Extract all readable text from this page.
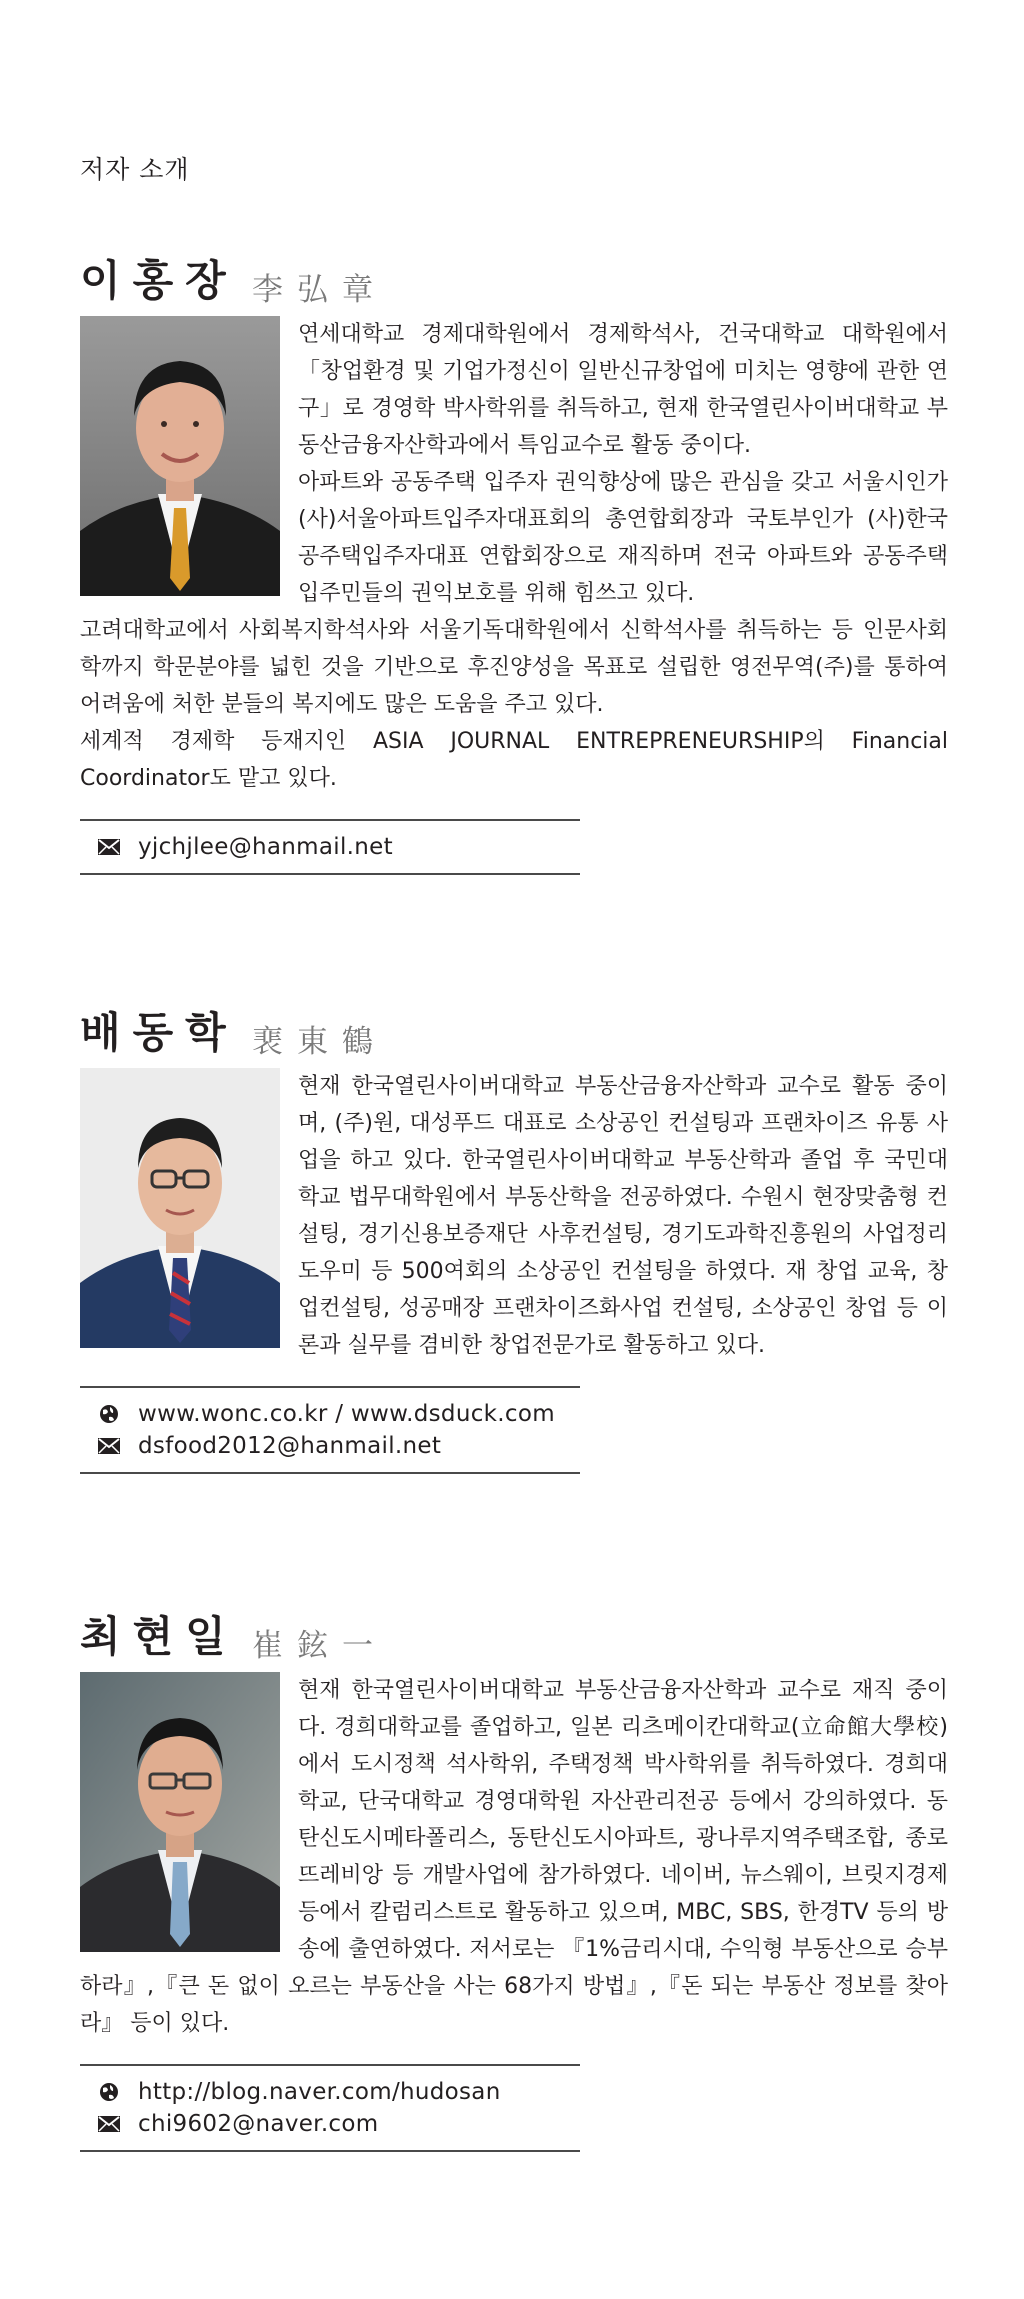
저자 소개
이홍장 李弘章

연세대학교 경제대학원에서 경제학석사, 건국대학교 대학원에서 「창업환경 및 기업가정신이 일반신규창업에 미치는 영향에 관한 연구」로 경영학 박사학위를 취득하고, 현재 한국열린사이버대학교 부동산금융자산학과에서 특임교수로 활동 중이다.

아파트와 공동주택 입주자 권익향상에 많은 관심을 갖고 서울시인가 (사)서울아파트입주자대표회의 총연합회장과 국토부인가 (사)한국공주택입주자대표 연합회장으로 재직하며 전국 아파트와 공동주택 입주민들의 권익보호를 위해 힘쓰고 있다.

고려대학교에서 사회복지학석사와 서울기독대학원에서 신학석사를 취득하는 등 인문사회학까지 학문분야를 넓힌 것을 기반으로 후진양성을 목표로 설립한 영전무역(주)를 통하여 어려움에 처한 분들의 복지에도 많은 도움을 주고 있다.

세계적 경제학 등재지인 ASIA JOURNAL ENTREPRENEURSHIP의 Financial Coordinator도 맡고 있다.

yjchjlee@hanmail.net
배동학 裵東鶴

현재 한국열린사이버대학교 부동산금융자산학과 교수로 활동 중이며, (주)원, 대성푸드 대표로 소상공인 컨설팅과 프랜차이즈 유통 사업을 하고 있다. 한국열린사이버대학교 부동산학과 졸업 후 국민대학교 법무대학원에서 부동산학을 전공하였다. 수원시 현장맞춤형 컨설팅, 경기신용보증재단 사후컨설팅, 경기도과학진흥원의 사업정리도우미 등 500여회의 소상공인 컨설팅을 하였다. 재 창업 교육, 창업컨설팅, 성공매장 프랜차이즈화사업 컨설팅, 소상공인 창업 등 이론과 실무를 겸비한 창업전문가로 활동하고 있다.

www.wonc.co.kr / www.dsduck.com
dsfood2012@hanmail.net
최현일 崔鉉一

현재 한국열린사이버대학교 부동산금융자산학과 교수로 재직 중이다. 경희대학교를 졸업하고, 일본 리츠메이칸대학교(立命館大學校)에서 도시정책 석사학위, 주택정책 박사학위를 취득하였다. 경희대학교, 단국대학교 경영대학원 자산관리전공 등에서 강의하였다. 동탄신도시메타폴리스, 동탄신도시아파트, 광나루지역주택조합, 종로뜨레비앙 등 개발사업에 참가하였다. 네이버, 뉴스웨이, 브릿지경제 등에서 칼럼리스트로 활동하고 있으며, MBC, SBS, 한경TV 등의 방송에 출연하였다. 저서로는 『1%금리시대, 수익형 부동산으로 승부하라』,『큰 돈 없이 오르는 부동산을 사는 68가지 방법』,『돈 되는 부동산 정보를 찾아라』 등이 있다.

http://blog.naver.com/hudosan
chi9602@naver.com
